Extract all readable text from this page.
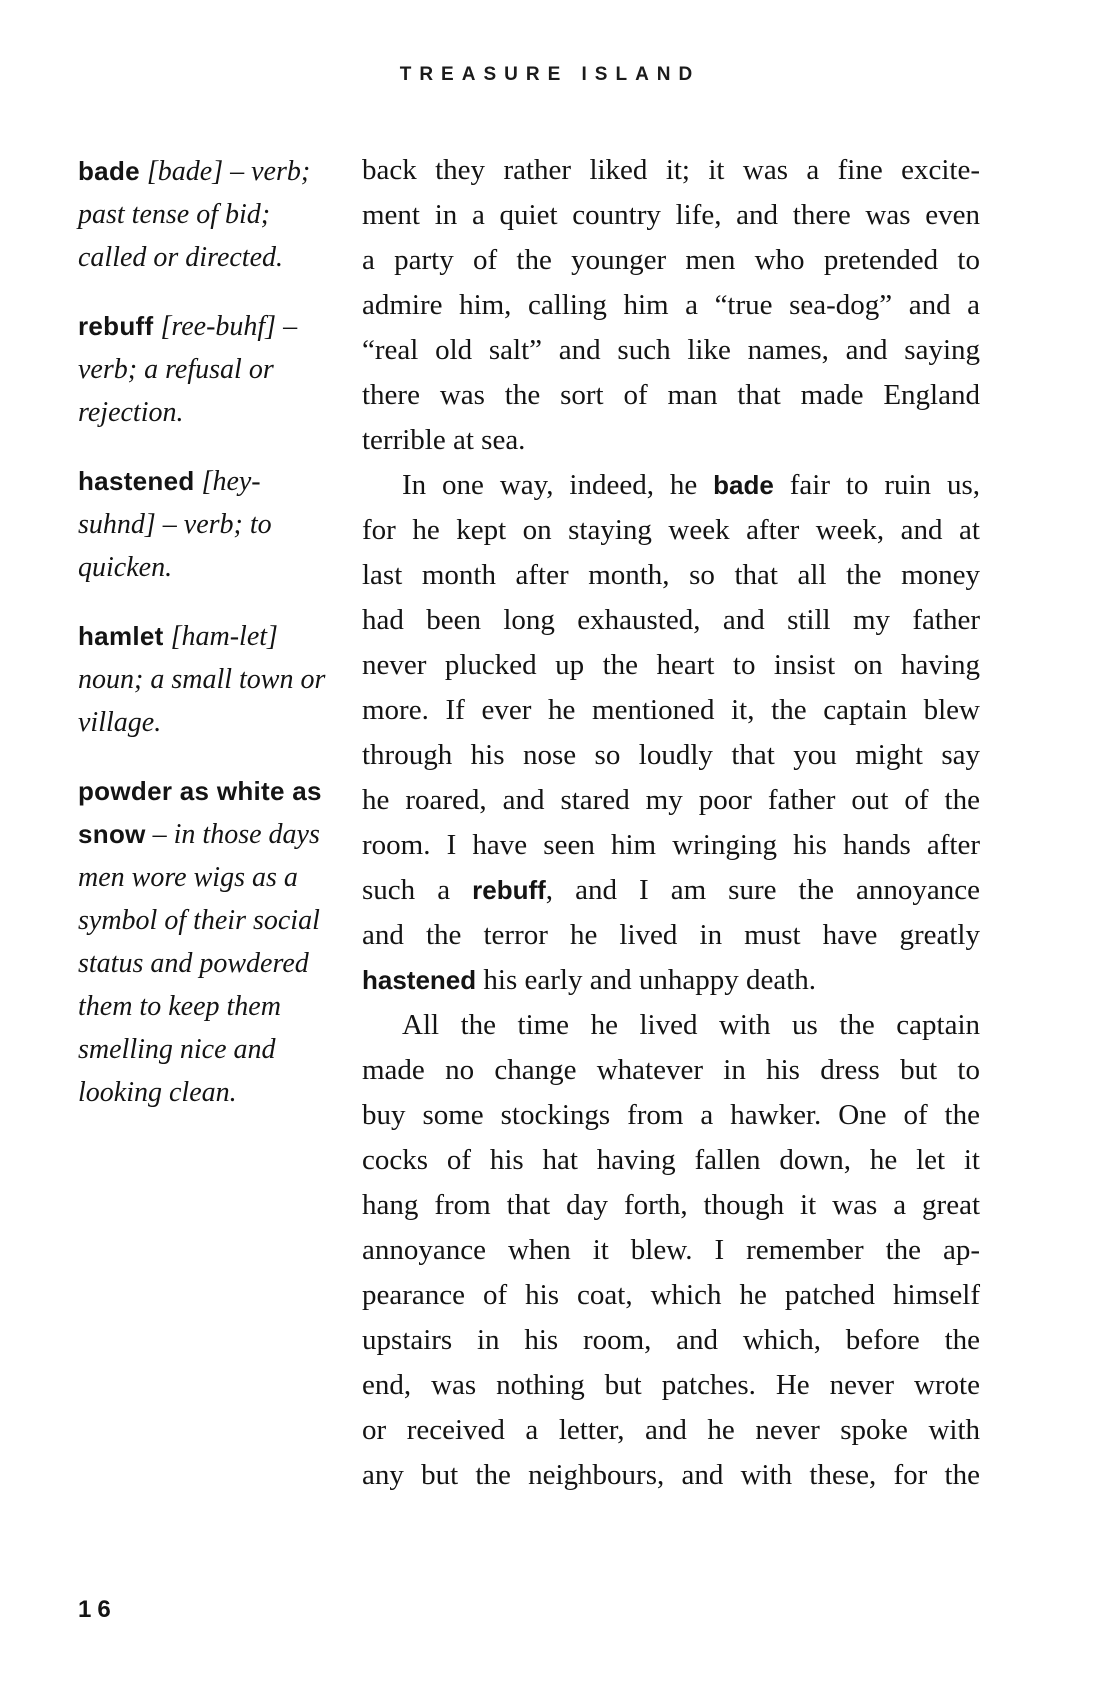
TREASURE ISLAND
bade [bade] – verb; past tense of bid; called or directed.
rebuff [ree-buhf] – verb; a refusal or rejection.
hastened [hey-suhnd] – verb; to quicken.
hamlet [ham-let] noun; a small town or village.
powder as white as snow – in those days men wore wigs as a symbol of their social status and powdered them to keep them smelling nice and looking clean.

back they rather liked it; it was a fine excite-
ment in a quiet country life, and there was even
a party of the younger men who pretended to
admire him, calling him a “true sea-dog” and a
“real old salt” and such like names, and saying
there was the sort of man that made England
terrible at sea.

In one way, indeed, he bade fair to ruin us,
for he kept on staying week after week, and at
last month after month, so that all the money
had been long exhausted, and still my father
never plucked up the heart to insist on having
more. If ever he mentioned it, the captain blew
through his nose so loudly that you might say
he roared, and stared my poor father out of the
room. I have seen him wringing his hands after
such a rebuff, and I am sure the annoyance
and the terror he lived in must have greatly
hastened his early and unhappy death.

All the time he lived with us the captain
made no change whatever in his dress but to
buy some stockings from a hawker. One of the
cocks of his hat having fallen down, he let it
hang from that day forth, though it was a great
annoyance when it blew. I remember the ap-
pearance of his coat, which he patched himself
upstairs in his room, and which, before the
end, was nothing but patches. He never wrote
or received a letter, and he never spoke with
any but the neighbours, and with these, for the

16
